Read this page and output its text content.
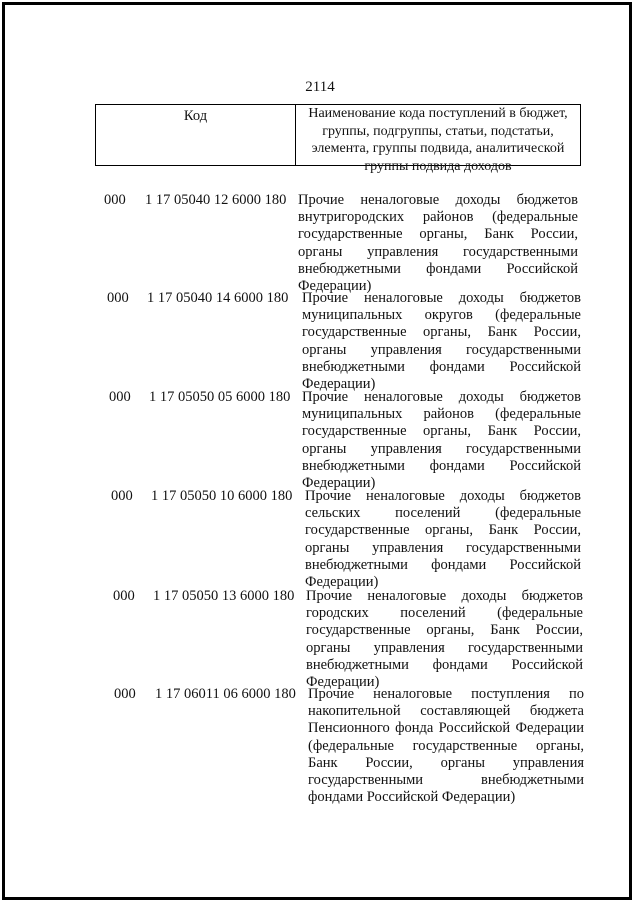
2114
Код	Наименование кода поступлений в бюджет, группы, подгруппы, статьи, подстатьи, элемента, группы подвида, аналитической группы подвида доходов
000 1 17 05040 12 6000 180 Прочие неналоговые доходы бюджетов внутригородских районов (федеральные государственные органы, Банк России, органы управления государственными внебюджетными фондами Российской Федерации)
000 1 17 05040 14 6000 180 Прочие неналоговые доходы бюджетов муниципальных округов (федеральные государственные органы, Банк России, органы управления государственными внебюджетными фондами Российской Федерации)
000 1 17 05050 05 6000 180 Прочие неналоговые доходы бюджетов муниципальных районов (федеральные государственные органы, Банк России, органы управления государственными внебюджетными фондами Российской Федерации)
000 1 17 05050 10 6000 180 Прочие неналоговые доходы бюджетов сельских поселений (федеральные государственные органы, Банк России, органы управления государственными внебюджетными фондами Российской Федерации)
000 1 17 05050 13 6000 180 Прочие неналоговые доходы бюджетов городских поселений (федеральные государственные органы, Банк России, органы управления государственными внебюджетными фондами Российской Федерации)
000 1 17 06011 06 6000 180 Прочие неналоговые поступления по накопительной составляющей бюджета Пенсионного фонда Российской Федерации (федеральные государственные органы, Банк России, органы управления государственными внебюджетными фондами Российской Федерации)
